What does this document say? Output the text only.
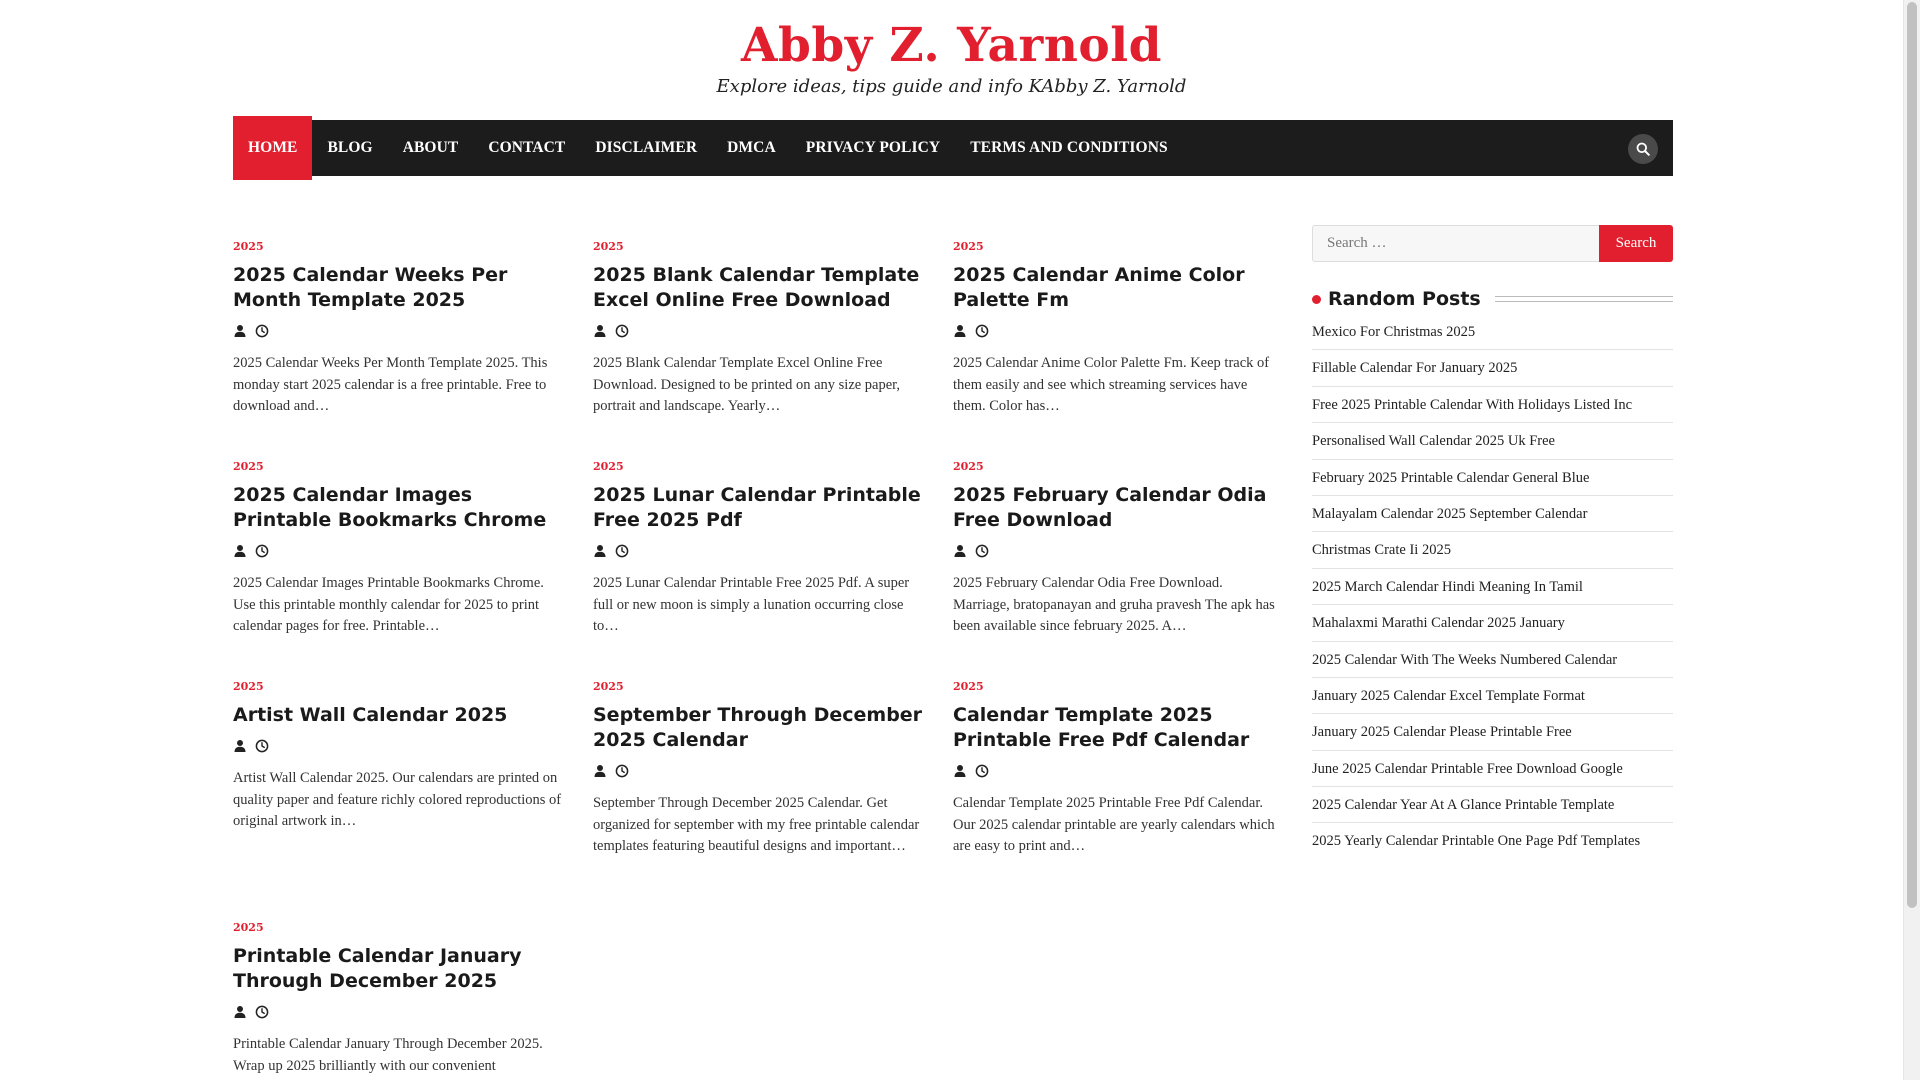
Abby Z. Yarnold

Explore ideas, tips guide and info KAbby Z. Yarnold

HOME	BLOG	ABOUT	CONTACT	DISCLAIMER	DMCA	PRIVACY POLICY	TERMS AND CONDITIONS
2025
2025 Calendar Weeks Per Month Template 2025

2025 Calendar Weeks Per Month Template 2025. This monday start 2025 calendar is a free printable. Free to download and…

2025
2025 Blank Calendar Template Excel Online Free Download

2025 Blank Calendar Template Excel Online Free Download. Designed to be printed on any size paper, portrait and landscape. Yearly…

2025
2025 Calendar Anime Color Palette Fm

2025 Calendar Anime Color Palette Fm. Keep track of them easily and see which streaming services have them. Color has…

2025
2025 Calendar Images Printable Bookmarks Chrome

2025 Calendar Images Printable Bookmarks Chrome. Use this printable monthly calendar for 2025 to print calendar pages for free. Printable…

2025
2025 Lunar Calendar Printable Free 2025 Pdf

2025 Lunar Calendar Printable Free 2025 Pdf. A super full or new moon is simply a lunation occurring close to…

2025
2025 February Calendar Odia Free Download

2025 February Calendar Odia Free Download. Marriage, bratopanayan and gruha pravesh The apk has been available since february 2025. A…

2025
Artist Wall Calendar 2025

Artist Wall Calendar 2025. Our calendars are printed on quality paper and feature richly colored reproductions of original artwork in…

2025
September Through December 2025 Calendar

September Through December 2025 Calendar. Get organized for september with my free printable calendar templates featuring beautiful designs and important…

2025
Calendar Template 2025 Printable Free Pdf Calendar

Calendar Template 2025 Printable Free Pdf Calendar. Our 2025 calendar printable are yearly calendars which are easy to print and…

2025
Printable Calendar January Through December 2025

Printable Calendar January Through December 2025. Wrap up 2025 brilliantly with our convenient

Search …
Search
Random Posts
Mexico For Christmas 2025
Fillable Calendar For January 2025
Free 2025 Printable Calendar With Holidays Listed Inc
Personalised Wall Calendar 2025 Uk Free
February 2025 Printable Calendar General Blue
Malayalam Calendar 2025 September Calendar
Christmas Crate Ii 2025
2025 March Calendar Hindi Meaning In Tamil
Mahalaxmi Marathi Calendar 2025 January
2025 Calendar With The Weeks Numbered Calendar
January 2025 Calendar Excel Template Format
January 2025 Calendar Please Printable Free
June 2025 Calendar Printable Free Download Google
2025 Calendar Year At A Glance Printable Template
2025 Yearly Calendar Printable One Page Pdf Templates
